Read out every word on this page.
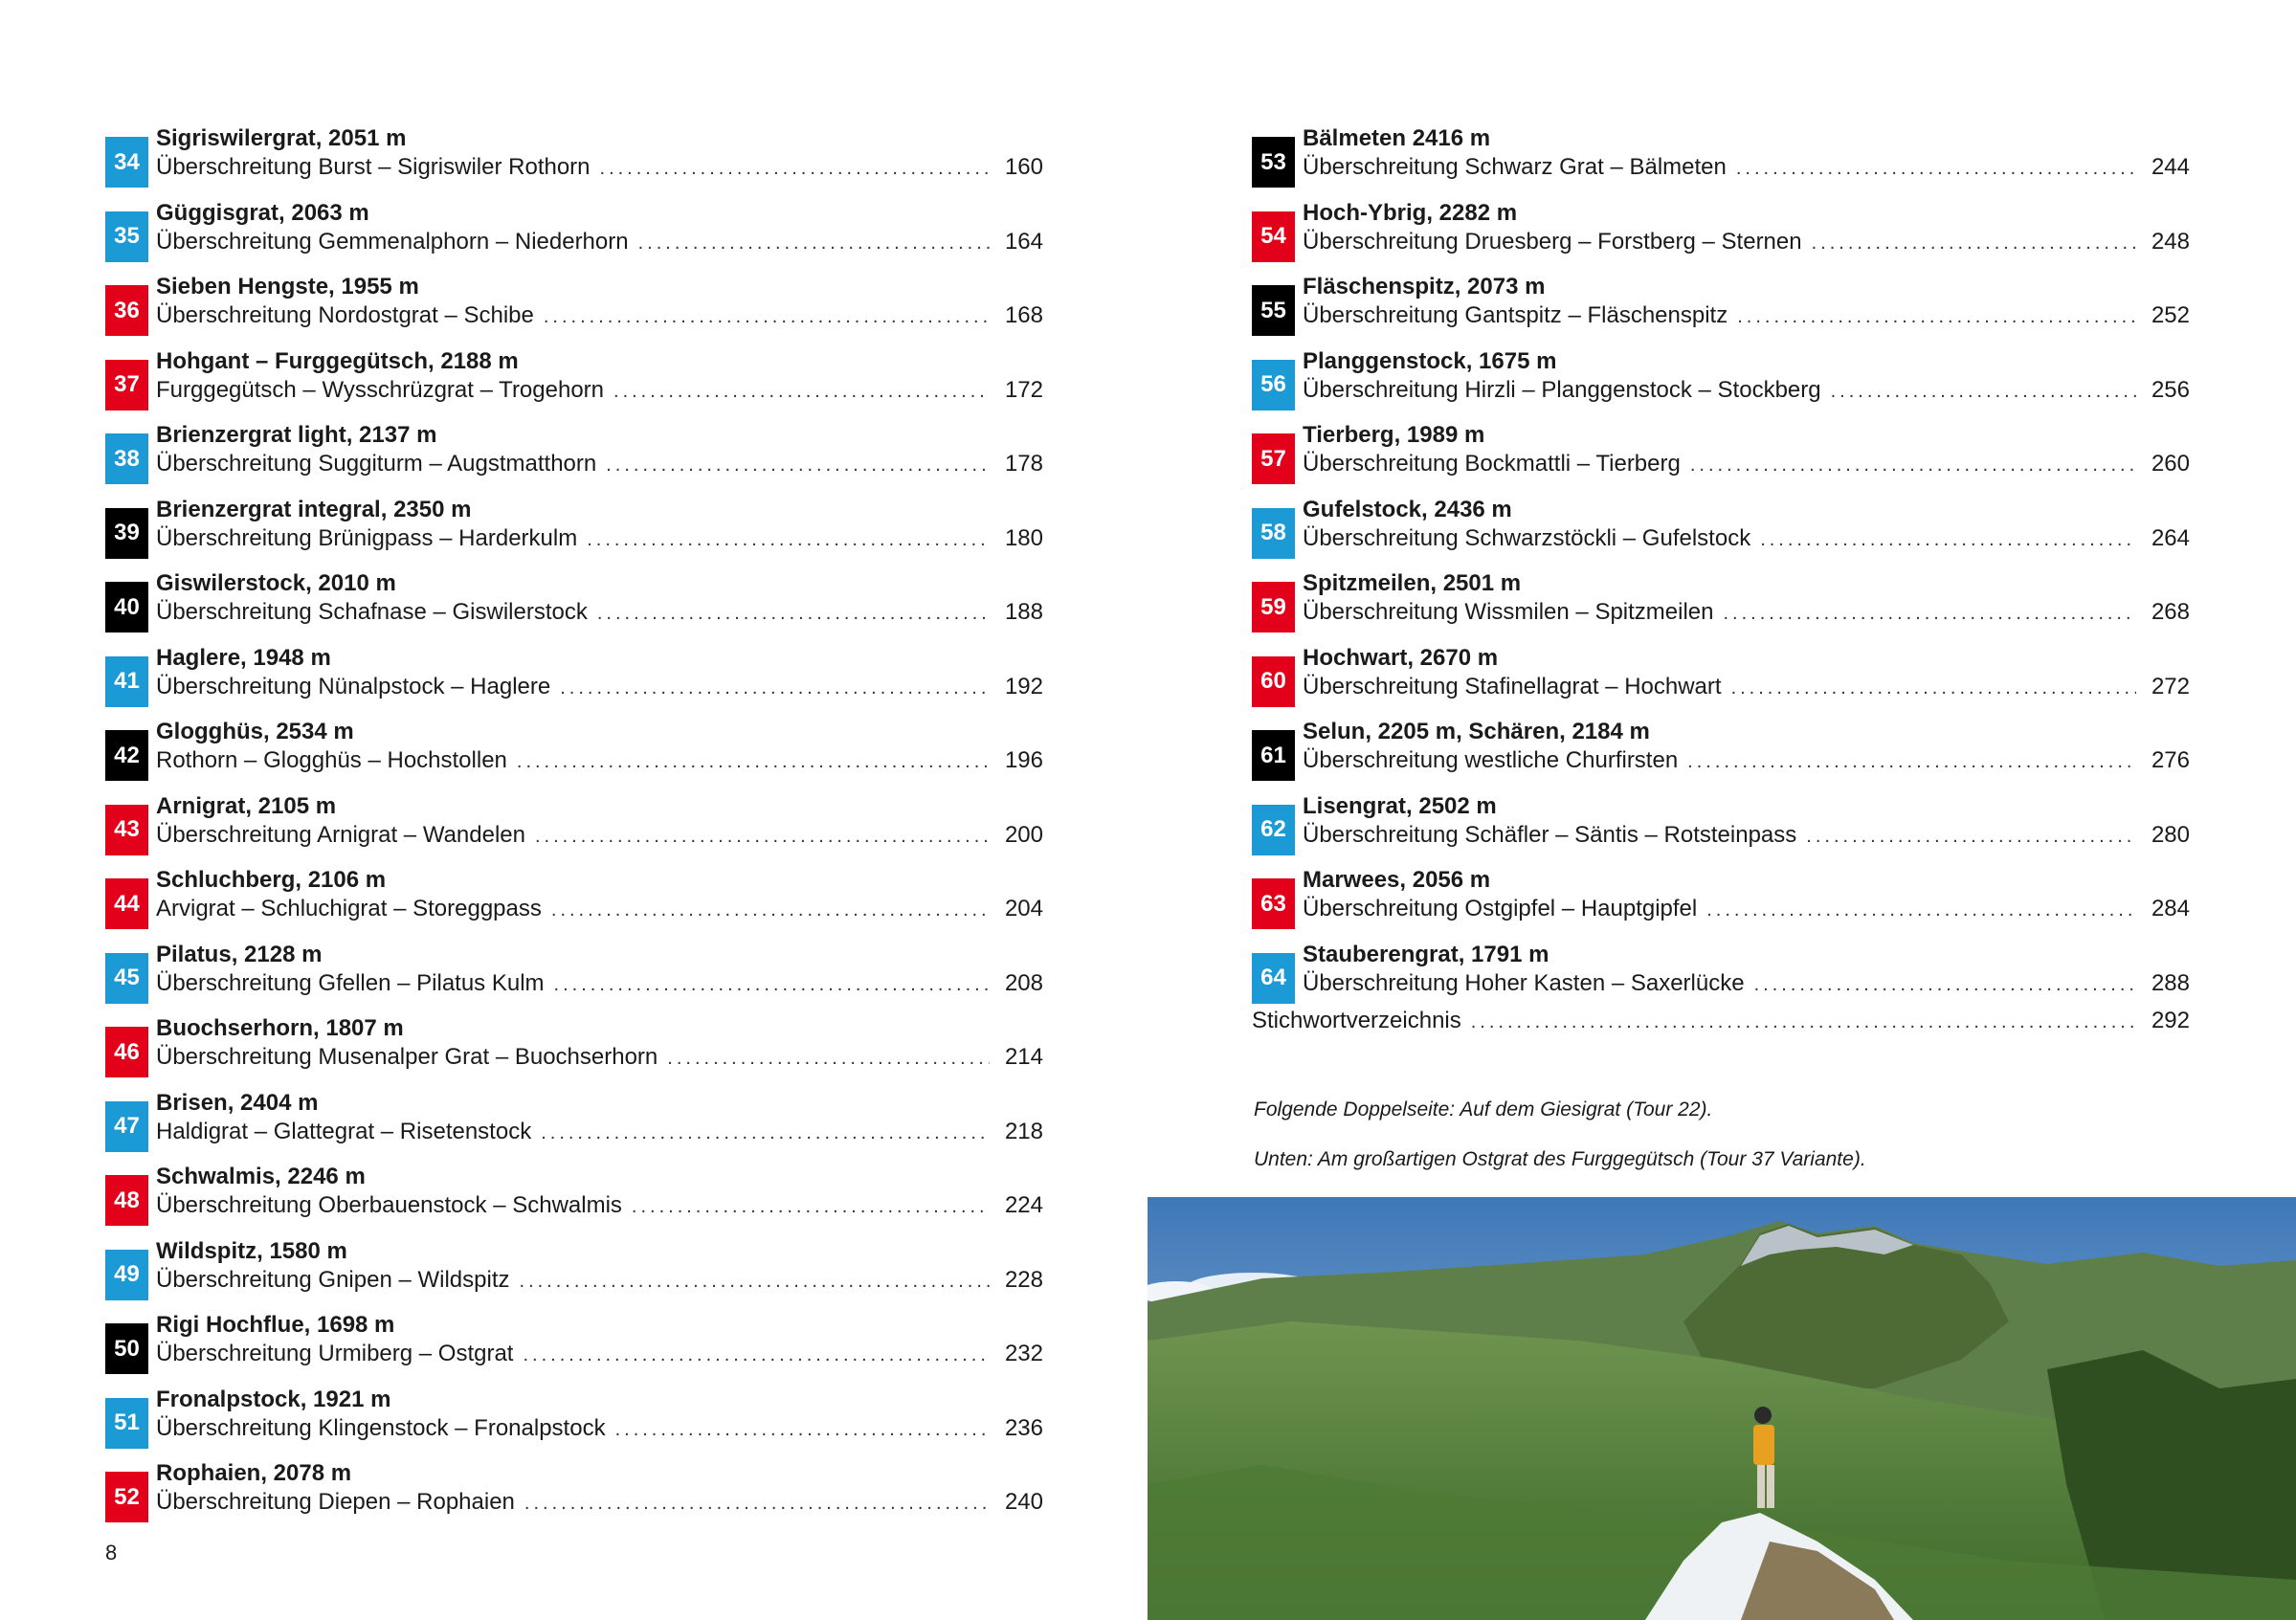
34
Sigriswilergrat, 2051 m
Überschreitung Burst – Sigriswiler Rothorn .....	160
35
Güggisgrat, 2063 m
Überschreitung Gemmenalphorn – Niederhorn .....	164
36
Sieben Hengste, 1955 m
Überschreitung Nordostgrat – Schibe .....	168
37
Hohgant – Furggegütsch, 2188 m
Furggegütsch – Wysschrüzgrat – Trogehorn .....	172
38
Brienzergrat light, 2137 m
Überschreitung Suggiturm – Augstmatthorn .....	178
39
Brienzergrat integral, 2350 m
Überschreitung Brünigpass – Harderkulm .....	180
40
Giswilerstock, 2010 m
Überschreitung Schafnase – Giswilerstock .....	188
41
Haglere, 1948 m
Überschreitung Nünalpstock – Haglere .....	192
42
Glogghüs, 2534 m
Rothorn – Glogghüs – Hochstollen .....	196
43
Arnigrat, 2105 m
Überschreitung Arnigrat – Wandelen .....	200
44
Schluchberg, 2106 m
Arvigrat – Schluchigrat – Storeggpass .....	204
45
Pilatus, 2128 m
Überschreitung Gfellen – Pilatus Kulm .....	208
46
Buochserhorn, 1807 m
Überschreitung Musenalper Grat – Buochserhorn .....	214
47
Brisen, 2404 m
Haldigrat – Glattegrat – Risetenstock .....	218
48
Schwalmis, 2246 m
Überschreitung Oberbauenstock – Schwalmis .....	224
49
Wildspitz, 1580 m
Überschreitung Gnipen – Wildspitz .....	228
50
Rigi Hochflue, 1698 m
Überschreitung Urmiberg – Ostgrat .....	232
51
Fronalpstock, 1921 m
Überschreitung Klingenstock – Fronalpstock .....	236
52
Rophaien, 2078 m
Überschreitung Diepen – Rophaien .....	240
Stichwortverzeichnis .....	292
53
Bälmeten 2416 m
Überschreitung Schwarz Grat – Bälmeten .....	244
54
Hoch-Ybrig, 2282 m
Überschreitung Druesberg – Forstberg – Sternen .....	248
55
Fläschenspitz, 2073 m
Überschreitung Gantspitz – Fläschenspitz .....	252
56
Planggenstock, 1675 m
Überschreitung Hirzli – Planggenstock – Stockberg .....	256
57
Tierberg, 1989 m
Überschreitung Bockmattli – Tierberg .....	260
58
Gufelstock, 2436 m
Überschreitung Schwarzstöckli – Gufelstock .....	264
59
Spitzmeilen, 2501 m
Überschreitung Wissmilen – Spitzmeilen .....	268
60
Hochwart, 2670 m
Überschreitung Stafinellagrat – Hochwart .....	272
61
Selun, 2205 m, Schären, 2184 m
Überschreitung westliche Churfirsten .....	276
62
Lisengrat, 2502 m
Überschreitung Schäfler – Säntis – Rotsteinpass .....	280
63
Marwees, 2056 m
Überschreitung Ostgipfel – Hauptgipfel .....	284
64
Stauberengrat, 1791 m
Überschreitung Hoher Kasten – Saxerlücke .....	288
Folgende Doppelseite: Auf dem Giesigrat (Tour 22).
Unten: Am großartigen Ostgrat des Furggegütsch (Tour 37 Variante).
8
